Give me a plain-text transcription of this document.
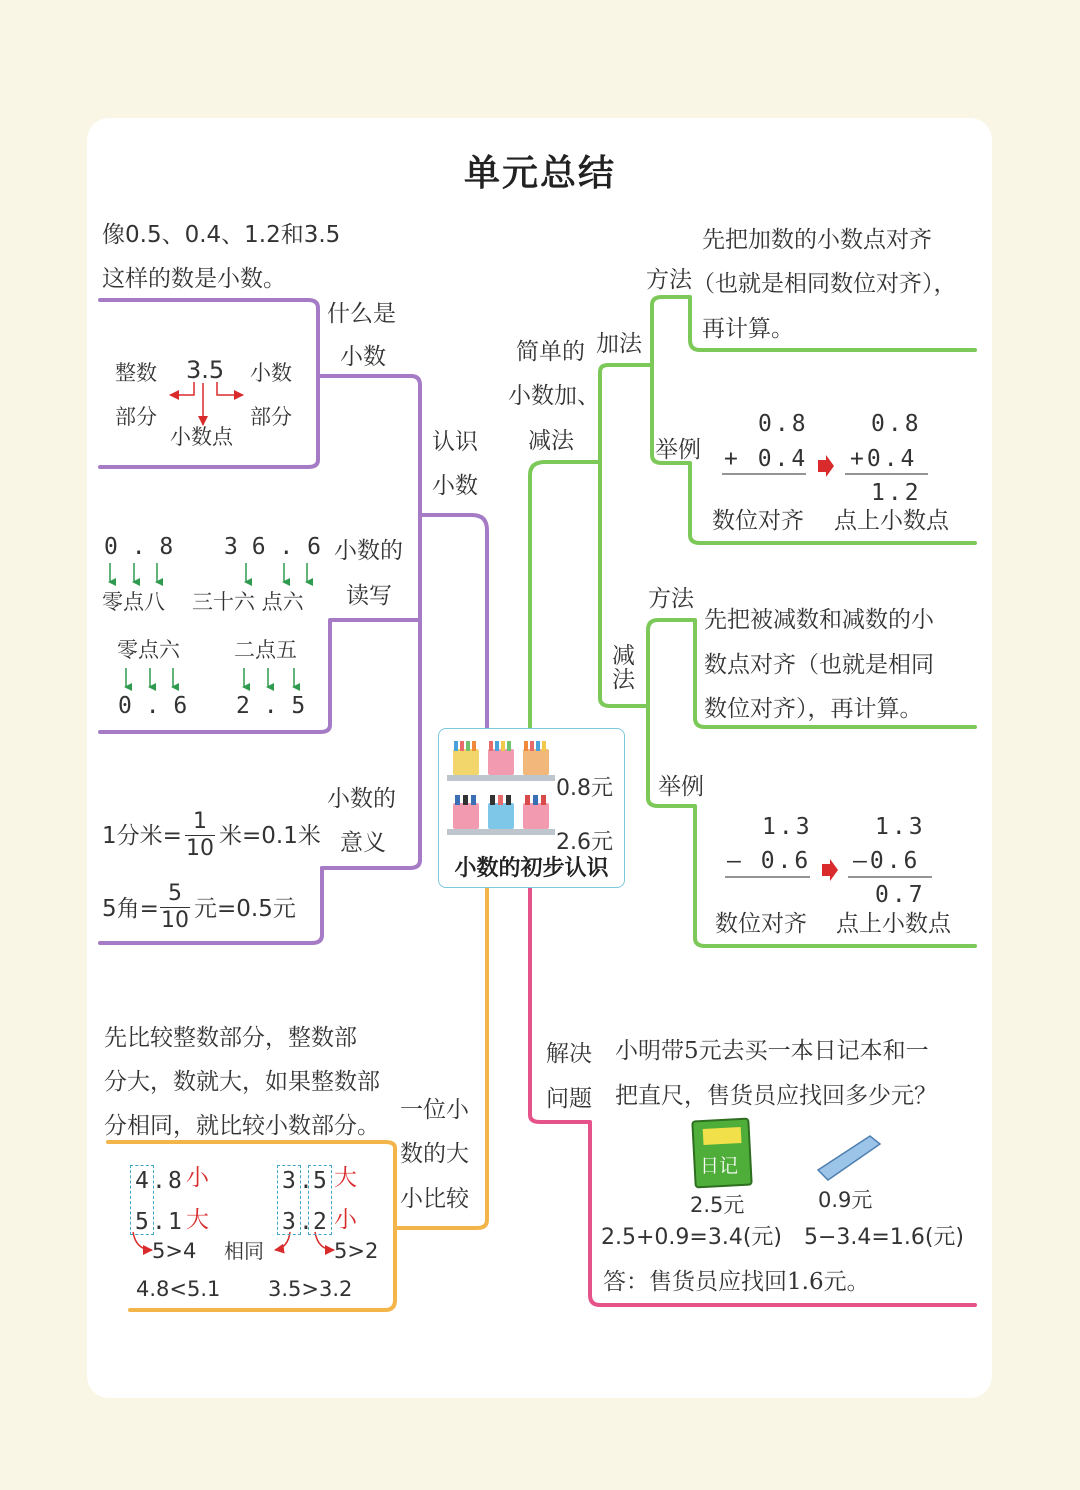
单元总结
像0.5、0.4、1.2和3.5
这样的数是小数。
什么是
小数
3.5
整数
部分
小数
部分
小数点	认识
小数
小数的
读写
0 . 8
零点八
3 6 . 6
三十六 点六
零点六
0 . 6
二点五
2 . 5
小数的
意义
1分米=
1
10 米=0.1米
5角=
5
10 元=0.5元
先比较整数部分，整数部
分大，数就大，如果整数部
分相同，就比较小数部分。
一位小
数的大
小比较
4 . 8 小
5 . 1 大
3 . 5 大
3 . 2 小
5>4 相同	5>2
4.8<5.1 3.5>3.2
简单的
小数加、
减法
加法
方法
先把加数的小数点对齐
（也就是相同数位对齐），
再计算。
举例
0.8
+ 0.4
0.8
+0.4
1.2
数位对齐 点上小数点
减
法
方法
先把被减数和减数的小
数点对齐（也就是相同
数位对齐），再计算。
举例
1.3
– 0.6
1.3
–0.6
0.7
数位对齐 点上小数点
解决
问题
小明带5元去买一本日记本和一
把直尺，售货员应找回多少元？
日记
2.5元	0.9元
2.5+0.9=3.4(元) 5−3.4=1.6(元)
答：售货员应找回1.6元。
0.8元
2.6元
小数的初步认识
